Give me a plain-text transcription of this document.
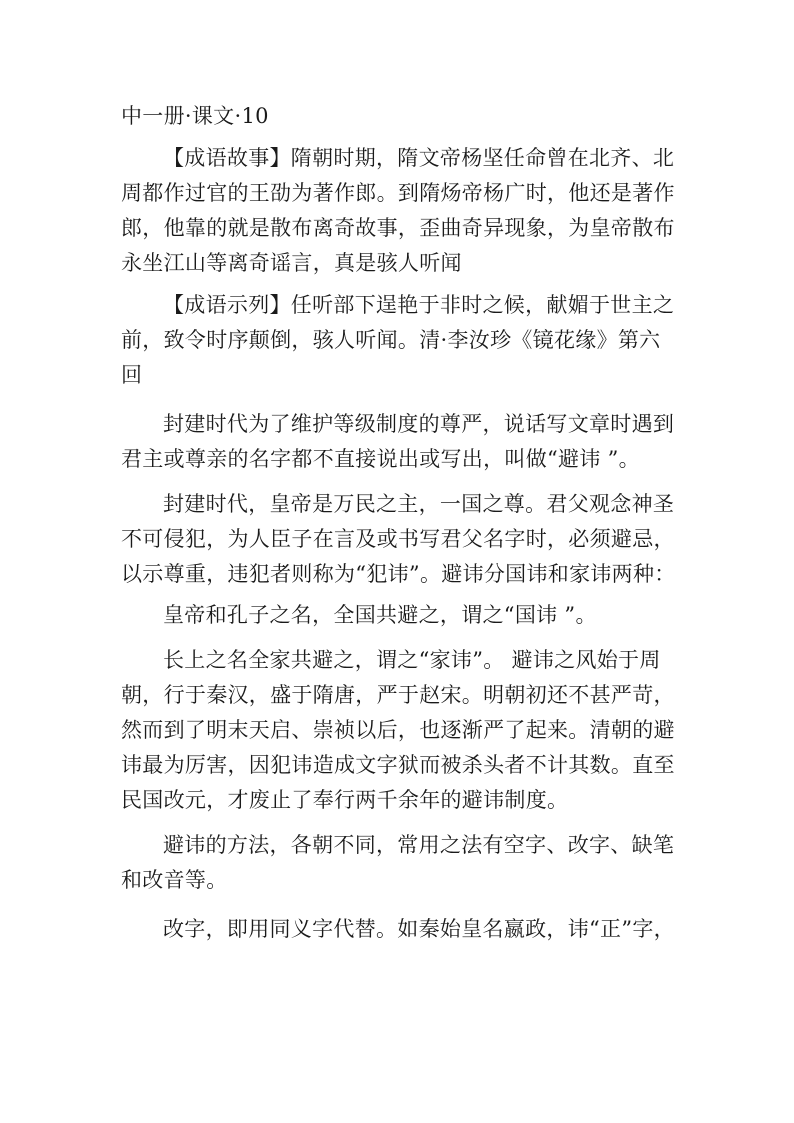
中一册·课文·10
【成语故事】隋朝时期，隋文帝杨坚任命曾在北齐、北
周都作过官的王劭为著作郎。到隋炀帝杨广时，他还是著作
郎，他靠的就是散布离奇故事，歪曲奇异现象，为皇帝散布
永坐江山等离奇谣言，真是骇人听闻
【成语示列】任听部下逞艳于非时之候，献媚于世主之
前，致令时序颠倒，骇人听闻。清·李汝珍《镜花缘》第六
回
封建时代为了维护等级制度的尊严，说话写文章时遇到
君主或尊亲的名字都不直接说出或写出，叫做“避讳 ”。
封建时代，皇帝是万民之主，一国之尊。君父观念神圣
不可侵犯，为人臣子在言及或书写君父名字时，必须避忌，
以示尊重，违犯者则称为“犯讳”。避讳分国讳和家讳两种：
皇帝和孔子之名，全国共避之，谓之“国讳 ”。
长上之名全家共避之，谓之“家讳”。 避讳之风始于周
朝，行于秦汉，盛于隋唐，严于赵宋。明朝初还不甚严苛，
然而到了明末天启、崇祯以后，也逐渐严了起来。清朝的避
讳最为厉害，因犯讳造成文字狱而被杀头者不计其数。直至
民国改元，才废止了奉行两千余年的避讳制度。
避讳的方法，各朝不同，常用之法有空字、改字、缺笔
和改音等。
改字，即用同义字代替。如秦始皇名嬴政，讳“正”字，
